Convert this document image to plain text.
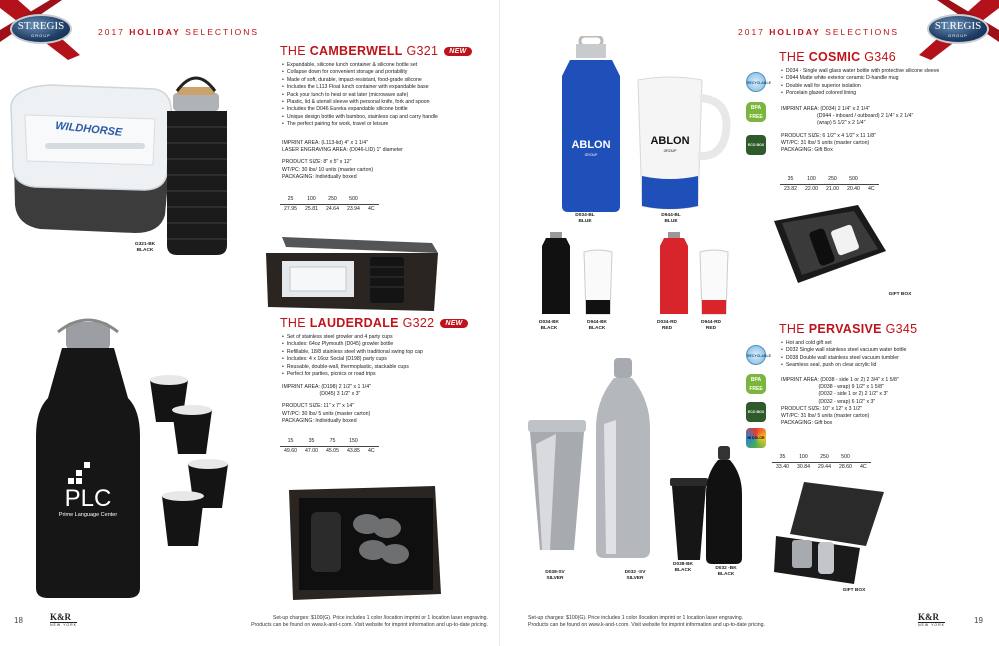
ST.REGIS
GROUP	2017 HOLIDAY SELECTIONS
WILDHORSE
G321-BK
BLACK
THE CAMBERWELL G321 NEW
• Expandable, silicone lunch container & silicone bottle set
• Collapse down for convenient storage and portability
• Made of soft, durable, impact-resistant, food-grade silicone
• Includes the L113 Float lunch container with expandable base
• Pack your lunch to heat or eat later (microwave safe)
• Plastic, lid & utensil sleeve with personal knife, fork and spoon
• Includes the D046 Eureka expandable silicone bottle
• Unique design bottle with bamboo, stainless cap and carry handle
• The perfect pairing for work, travel or leisure

IMPRINT AREA: (L113-lid) 4" x 1 1/4"

LASER ENGRAVING AREA: (D046-LID) 1" diameter

PRODUCT SIZE: 8" x 5" x 12"

WT/PC: 30 lbs/ 10 units (master carton)

PACKAGING: Individually boxed

25	100	250	500	
27.95	25.81	24.64	23.94	4C
THE LAUDERDALE G322 NEW
• Set of stainless steel growler and 4 party cups
• Includes: 64oz Plymouth (D045) growler bottle
• Refillable, 18/8 stainless steel with traditional swing top cap
• Includes: 4 x 16oz Social (D198) party cups
• Reusable, double-wall, thermoplastic, stackable cups
• Perfect for parties, picnics or road trips

IMPRINT AREA: (D198) 2 1/2" x 1 1/4"

(D045) 3 1/2" x 3"

PRODUCT SIZE: 11" x 7" x 14"

WT/PC: 30 lbs/ 5 units (master carton)

PACKAGING: Individually boxed

15	35	75	150	
49.60	47.00	45.05	43.85	4C
PLC
Prime Language Center
18	K&R
NEW YORK

Set-up charges: $100(G). Price includes 1 color /location imprint or 1 location laser engraving.

Products can be found on www.k-and-r.com. Visit website for imprint information and up-to-date pricing.

ST.REGIS
GROUP
2017 HOLIDAY SELECTIONS
ABLON
GROUP
ABLON
GROUP
D034-BL
BLUE
D944-BL
BLUE
D034-BK
BLACK
D944-BK
BLACK
D034-RD
RED
D944-RD
RED
RECYCLABLE
BPA FREE
ECO BOX
THE COSMIC G346
• D034 - Single wall glass water bottle with protective silicone sleeve
• D944 Matte white exterior ceramic D-handle mug
• Double wall for superior isolation
• Porcelain glazed colored lining

IMPRINT AREA: (D034) 2 1/4" x 2 1/4"

(D944 - inboard / outboard) 2 1/4" x 2 1/4"

(wrap) 5 1/2" x 2 1/4"

PRODUCT SIZE: 6 1/2" x 4 1/2" x 11 1/8"

WT/PC: 31 lbs/ 5 units (master carton)

PACKAGING: Gift Box

35	100	250	500	
23.82	22.00	21.00	20.40	4C
GIFT BOX
THE PERVASIVE G345
• Hot and cold gift set
• D032 Single wall stainless steel vacuum water bottle
• D038 Double wall stainless steel vacuum tumbler
• Seamless seal, push on clear acrylic lid

IMPRINT AREA: (D038 - side 1 or 2) 2 3/4" x 1 5/8"

(D038 - wrap) 9 1/2" x 1 5/8"

(D032 - side 1 or 2) 2 1/2" x 3"

(D032 - wrap) 6 1/2" x 3"

PRODUCT SIZE: 10" x 12" x 3 1/2"

WT/PC: 31 lbs/ 5 units (master carton)

PACKAGING: Gift box

35	100	250	500	
33.40	30.84	29.44	28.60	4C
RECYCLABLE
BPA FREE
ECO BOX
HI COLOR
D038-SV
SILVER
D032 -SV
SILVER
D038-BK
BLACK	D032 -BK
BLACK
GIFT BOX

Set-up charges: $100(G). Price includes 1 color /location imprint or 1 location laser engraving.

Products can be found on www.k-and-r.com. Visit website for imprint information and up-to-date pricing.

K&R
NEW YORK	19
